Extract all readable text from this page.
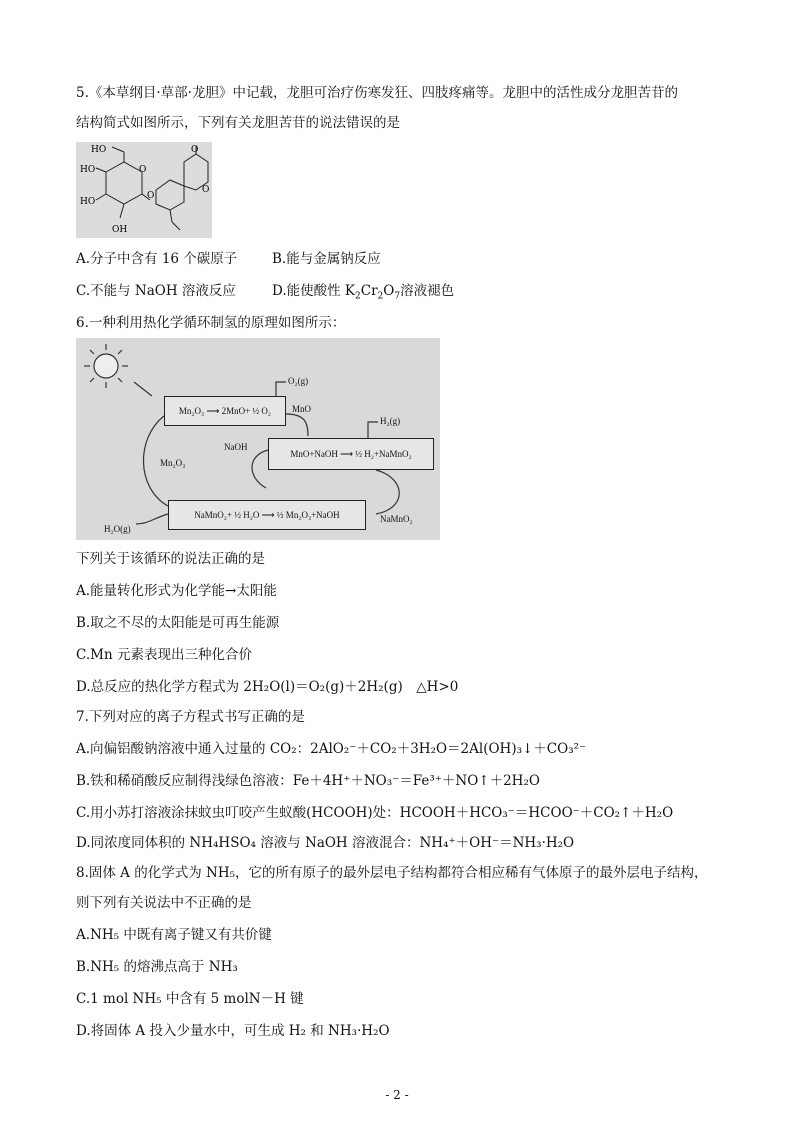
5.《本草纲目·草部·龙胆》中记载，龙胆可治疗伤寒发狂、四肢疼痛等。龙胆中的活性成分龙胆苦苷的
结构简式如图所示，下列有关龙胆苦苷的说法错误的是
HO
HO
HO
OH
O
O
O
O
A.分子中含有 16 个碳原子	B.能与金属钠反应
C.不能与 NaOH 溶液反应	D.能使酸性 $K_2Cr_2O_7$溶液褪色
6.一种利用热化学循环制氢的原理如图所示：
Mn₂O₃ ⟶ 2MnO+ ½ O₂
MnO+NaOH ⟶ ½ H₂+NaMnO₂
NaMnO₂+ ½ H₂O ⟶ ½ Mn₂O₃+NaOH
O₂(g)
MnO
H₂(g)
NaOH
Mn₂O₃
NaMnO₂
H₂O(g)
下列关于该循环的说法正确的是
A.能量转化形式为化学能→太阳能
B.取之不尽的太阳能是可再生能源
C.Mn 元素表现出三种化合价
D.总反应的热化学方程式为 2H₂O(l)＝O₂(g)＋2H₂(g)　△H>0
7.下列对应的离子方程式书写正确的是
A.向偏铝酸钠溶液中通入过量的 CO₂：2AlO₂⁻＋CO₂＋3H₂O＝2Al(OH)₃↓＋CO₃²⁻
B.铁和稀硝酸反应制得浅绿色溶液：Fe＋4H⁺＋NO₃⁻＝Fe³⁺＋NO↑＋2H₂O
C.用小苏打溶液涂抹蚊虫叮咬产生蚁酸(HCOOH)处：HCOOH＋HCO₃⁻＝HCOO⁻＋CO₂↑＋H₂O
D.同浓度同体积的 NH₄HSO₄ 溶液与 NaOH 溶液混合：NH₄⁺＋OH⁻＝NH₃·H₂O
8.固体 A 的化学式为 NH₅，它的所有原子的最外层电子结构都符合相应稀有气体原子的最外层电子结构，
则下列有关说法中不正确的是
A.NH₅ 中既有离子键又有共价键
B.NH₅ 的熔沸点高于 NH₃
C.1 mol NH₅ 中含有 5 molN－H 键
D.将固体 A 投入少量水中，可生成 H₂ 和 NH₃·H₂O
- 2 -
